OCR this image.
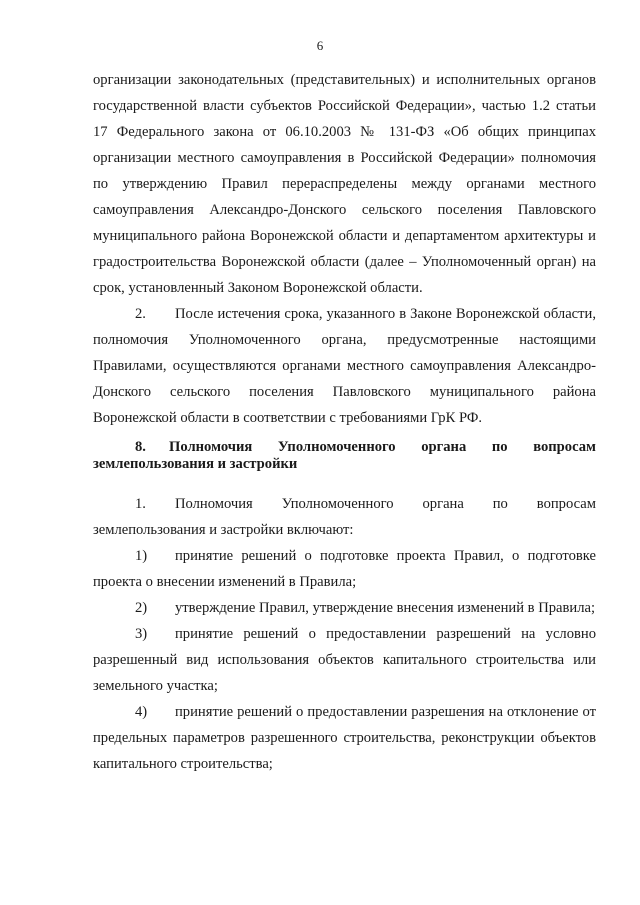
6

организации законодательных (представительных) и исполнительных органов государственной власти субъектов Российской Федерации», частью 1.2 статьи 17 Федерального закона от 06.10.2003 № 131-ФЗ «Об общих принципах организации местного самоуправления в Российской Федерации» полномочия по утверждению Правил перераспределены между органами местного самоуправления Александро-Донского сельского поселения Павловского муниципального района Воронежской области и департаментом архитектуры и градостроительства Воронежской области (далее – Уполномоченный орган) на срок, установленный Законом Воронежской области.

2. После истечения срока, указанного в Законе Воронежской области, полномочия Уполномоченного органа, предусмотренные настоящими Правилами, осуществляются органами местного самоуправления Александро-Донского сельского поселения Павловского муниципального района Воронежской области в соответствии с требованиями ГрК РФ.

8. Полномочия Уполномоченного органа по вопросам землепользования и застройки

1. Полномочия Уполномоченного органа по вопросам землепользования и застройки включают:

1) принятие решений о подготовке проекта Правил, о подготовке проекта о внесении изменений в Правила;

2) утверждение Правил, утверждение внесения изменений в Правила;

3) принятие решений о предоставлении разрешений на условно разрешенный вид использования объектов капитального строительства или земельного участка;

4) принятие решений о предоставлении разрешения на отклонение от предельных параметров разрешенного строительства, реконструкции объектов капитального строительства;
